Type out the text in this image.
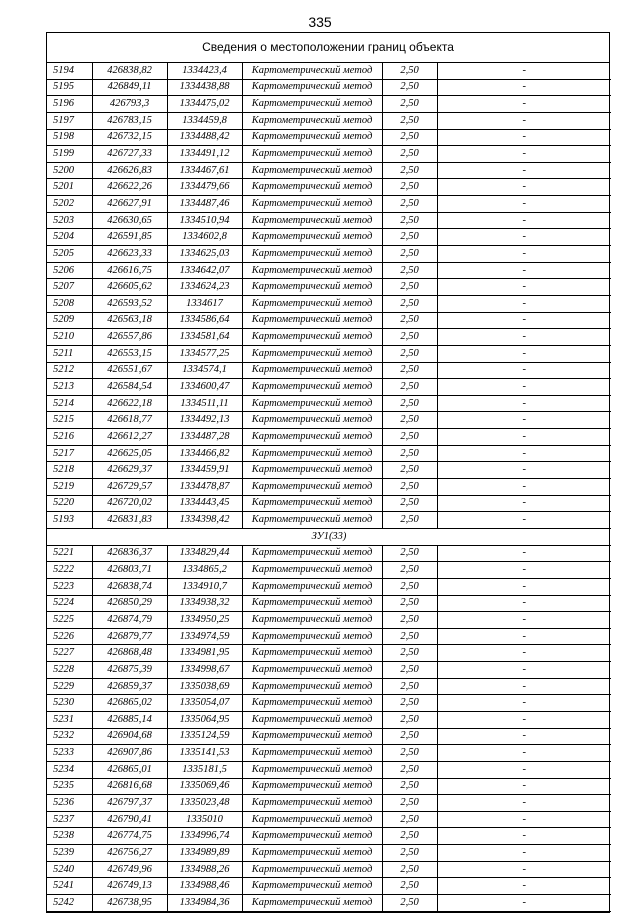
335
Сведения о местоположении границ объекта
5194	426838,82	1334423,4	Картометрический метод	2,50	-
5195	426849,11	1334438,88	Картометрический метод	2,50	-
5196	426793,3	1334475,02	Картометрический метод	2,50	-
5197	426783,15	1334459,8	Картометрический метод	2,50	-
5198	426732,15	1334488,42	Картометрический метод	2,50	-
5199	426727,33	1334491,12	Картометрический метод	2,50	-
5200	426626,83	1334467,61	Картометрический метод	2,50	-
5201	426622,26	1334479,66	Картометрический метод	2,50	-
5202	426627,91	1334487,46	Картометрический метод	2,50	-
5203	426630,65	1334510,94	Картометрический метод	2,50	-
5204	426591,85	1334602,8	Картометрический метод	2,50	-
5205	426623,33	1334625,03	Картометрический метод	2,50	-
5206	426616,75	1334642,07	Картометрический метод	2,50	-
5207	426605,62	1334624,23	Картометрический метод	2,50	-
5208	426593,52	1334617	Картометрический метод	2,50	-
5209	426563,18	1334586,64	Картометрический метод	2,50	-
5210	426557,86	1334581,64	Картометрический метод	2,50	-
5211	426553,15	1334577,25	Картометрический метод	2,50	-
5212	426551,67	1334574,1	Картометрический метод	2,50	-
5213	426584,54	1334600,47	Картометрический метод	2,50	-
5214	426622,18	1334511,11	Картометрический метод	2,50	-
5215	426618,77	1334492,13	Картометрический метод	2,50	-
5216	426612,27	1334487,28	Картометрический метод	2,50	-
5217	426625,05	1334466,82	Картометрический метод	2,50	-
5218	426629,37	1334459,91	Картометрический метод	2,50	-
5219	426729,57	1334478,87	Картометрический метод	2,50	-
5220	426720,02	1334443,45	Картометрический метод	2,50	-
5193	426831,83	1334398,42	Картометрический метод	2,50	-
ЗУ1(33)					
5221	426836,37	1334829,44	Картометрический метод	2,50	-
5222	426803,71	1334865,2	Картометрический метод	2,50	-
5223	426838,74	1334910,7	Картометрический метод	2,50	-
5224	426850,29	1334938,32	Картометрический метод	2,50	-
5225	426874,79	1334950,25	Картометрический метод	2,50	-
5226	426879,77	1334974,59	Картометрический метод	2,50	-
5227	426868,48	1334981,95	Картометрический метод	2,50	-
5228	426875,39	1334998,67	Картометрический метод	2,50	-
5229	426859,37	1335038,69	Картометрический метод	2,50	-
5230	426865,02	1335054,07	Картометрический метод	2,50	-
5231	426885,14	1335064,95	Картометрический метод	2,50	-
5232	426904,68	1335124,59	Картометрический метод	2,50	-
5233	426907,86	1335141,53	Картометрический метод	2,50	-
5234	426865,01	1335181,5	Картометрический метод	2,50	-
5235	426816,68	1335069,46	Картометрический метод	2,50	-
5236	426797,37	1335023,48	Картометрический метод	2,50	-
5237	426790,41	1335010	Картометрический метод	2,50	-
5238	426774,75	1334996,74	Картометрический метод	2,50	-
5239	426756,27	1334989,89	Картометрический метод	2,50	-
5240	426749,96	1334988,26	Картометрический метод	2,50	-
5241	426749,13	1334988,46	Картометрический метод	2,50	-
5242	426738,95	1334984,36	Картометрический метод	2,50	-
